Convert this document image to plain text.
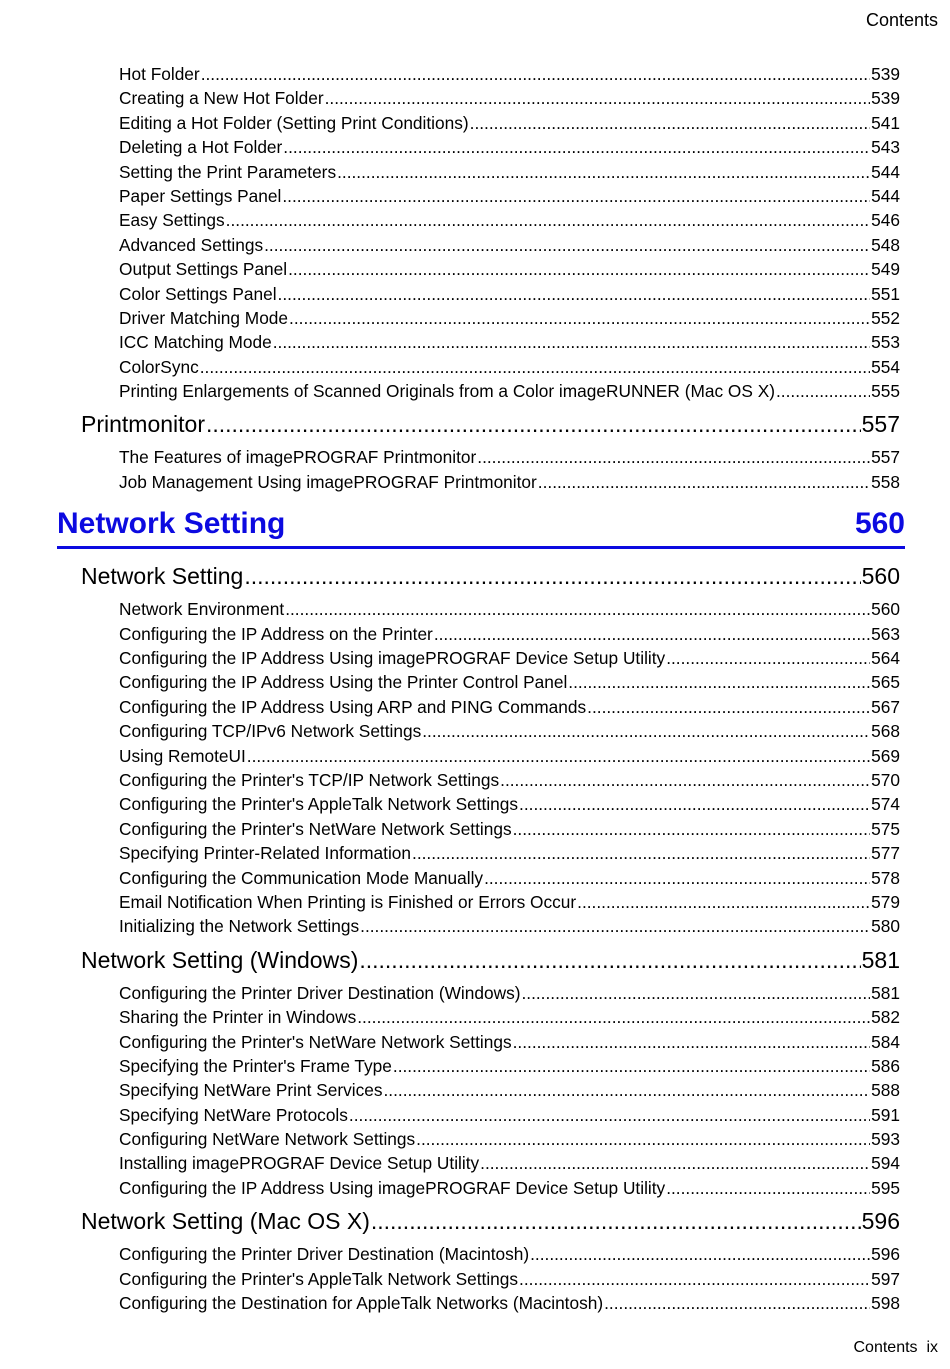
Contents
Hot Folder .....	539
Creating a New Hot Folder .....	539
Editing a Hot Folder (Setting Print Conditions) .....	541
Deleting a Hot Folder .....	543
Setting the Print Parameters .....	544
Paper Settings Panel .....	544
Easy Settings .....	546
Advanced Settings .....	548
Output Settings Panel .....	549
Color Settings Panel .....	551
Driver Matching Mode .....	552
ICC Matching Mode .....	553
ColorSync .....	554
Printing Enlargements of Scanned Originals from a Color imageRUNNER (Mac OS X) .....	555
Printmonitor .....	557
The Features of imagePROGRAF Printmonitor .....	557
Job Management Using imagePROGRAF Printmonitor .....	558
Network Setting	560
Network Setting .....	560
Network Environment .....	560
Configuring the IP Address on the Printer .....	563
Configuring the IP Address Using imagePROGRAF Device Setup Utility .....	564
Configuring the IP Address Using the Printer Control Panel .....	565
Configuring the IP Address Using ARP and PING Commands .....	567
Configuring TCP/IPv6 Network Settings .....	568
Using RemoteUI .....	569
Configuring the Printer's TCP/IP Network Settings .....	570
Configuring the Printer's AppleTalk Network Settings .....	574
Configuring the Printer's NetWare Network Settings .....	575
Specifying Printer-Related Information .....	577
Configuring the Communication Mode Manually .....	578
Email Notification When Printing is Finished or Errors Occur .....	579
Initializing the Network Settings .....	580
Network Setting (Windows) .....	581
Configuring the Printer Driver Destination (Windows) .....	581
Sharing the Printer in Windows .....	582
Configuring the Printer's NetWare Network Settings .....	584
Specifying the Printer's Frame Type .....	586
Specifying NetWare Print Services .....	588
Specifying NetWare Protocols .....	591
Configuring NetWare Network Settings .....	593
Installing imagePROGRAF Device Setup Utility .....	594
Configuring the IP Address Using imagePROGRAF Device Setup Utility .....	595
Network Setting (Mac OS X) .....	596
Configuring the Printer Driver Destination (Macintosh) .....	596
Configuring the Printer's AppleTalk Network Settings .....	597
Configuring the Destination for AppleTalk Networks (Macintosh) .....	598
Contents ix
